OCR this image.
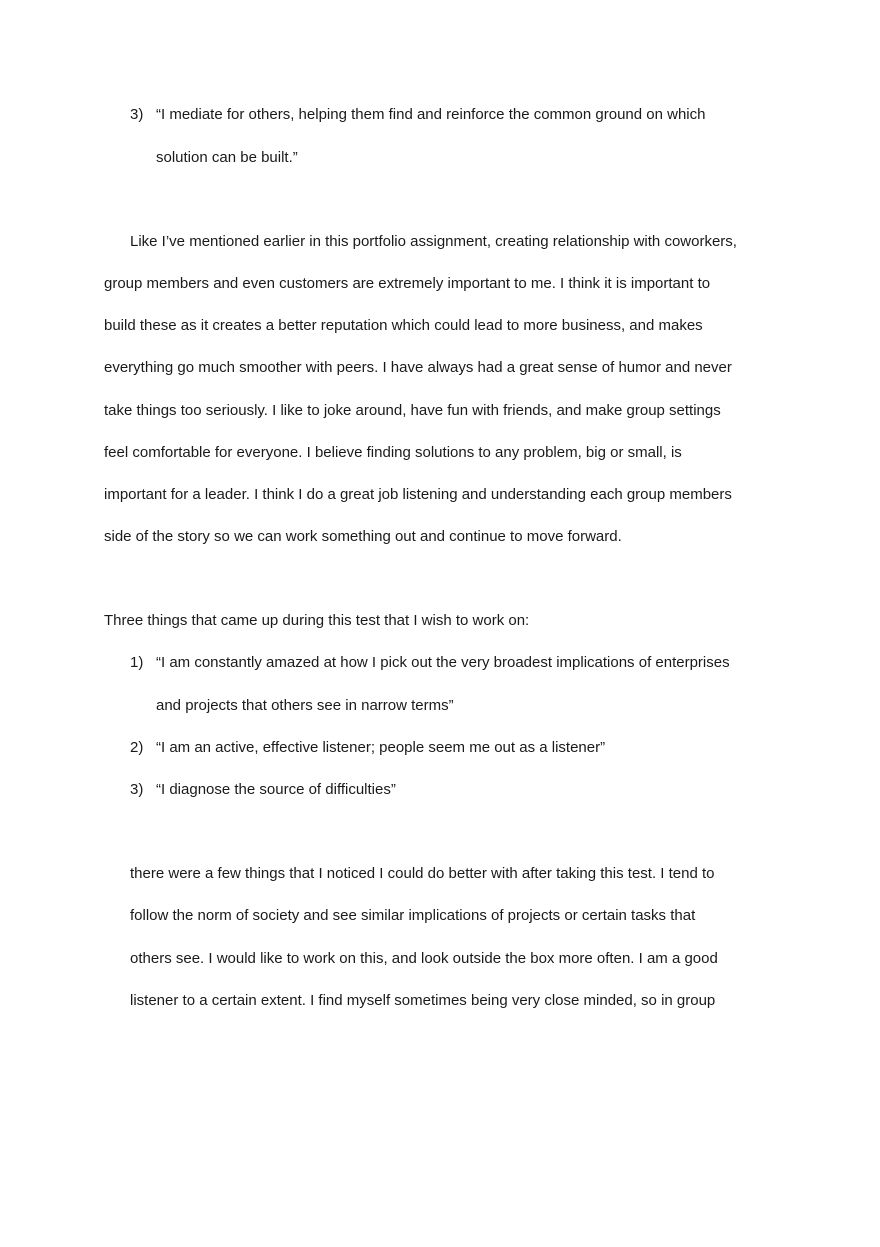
3) “I mediate for others, helping them find and reinforce the common ground on which
solution can be built.”
Like I’ve mentioned earlier in this portfolio assignment, creating relationship with coworkers,
group members and even customers are extremely important to me. I think it is important to
build these as it creates a better reputation which could lead to more business, and makes
everything go much smoother with peers. I have always had a great sense of humor and never
take things too seriously. I like to joke around, have fun with friends, and make group settings
feel comfortable for everyone. I believe finding solutions to any problem, big or small, is
important for a leader. I think I do a great job listening and understanding each group members
side of the story so we can work something out and continue to move forward.
Three things that came up during this test that I wish to work on:
1) “I am constantly amazed at how I pick out the very broadest implications of enterprises
and projects that others see in narrow terms”
2) “I am an active, effective listener; people seem me out as a listener”
3) “I diagnose the source of difficulties”
there were a few things that I noticed I could do better with after taking this test. I tend to
follow the norm of society and see similar implications of projects or certain tasks that
others see. I would like to work on this, and look outside the box more often. I am a good
listener to a certain extent. I find myself sometimes being very close minded, so in group
